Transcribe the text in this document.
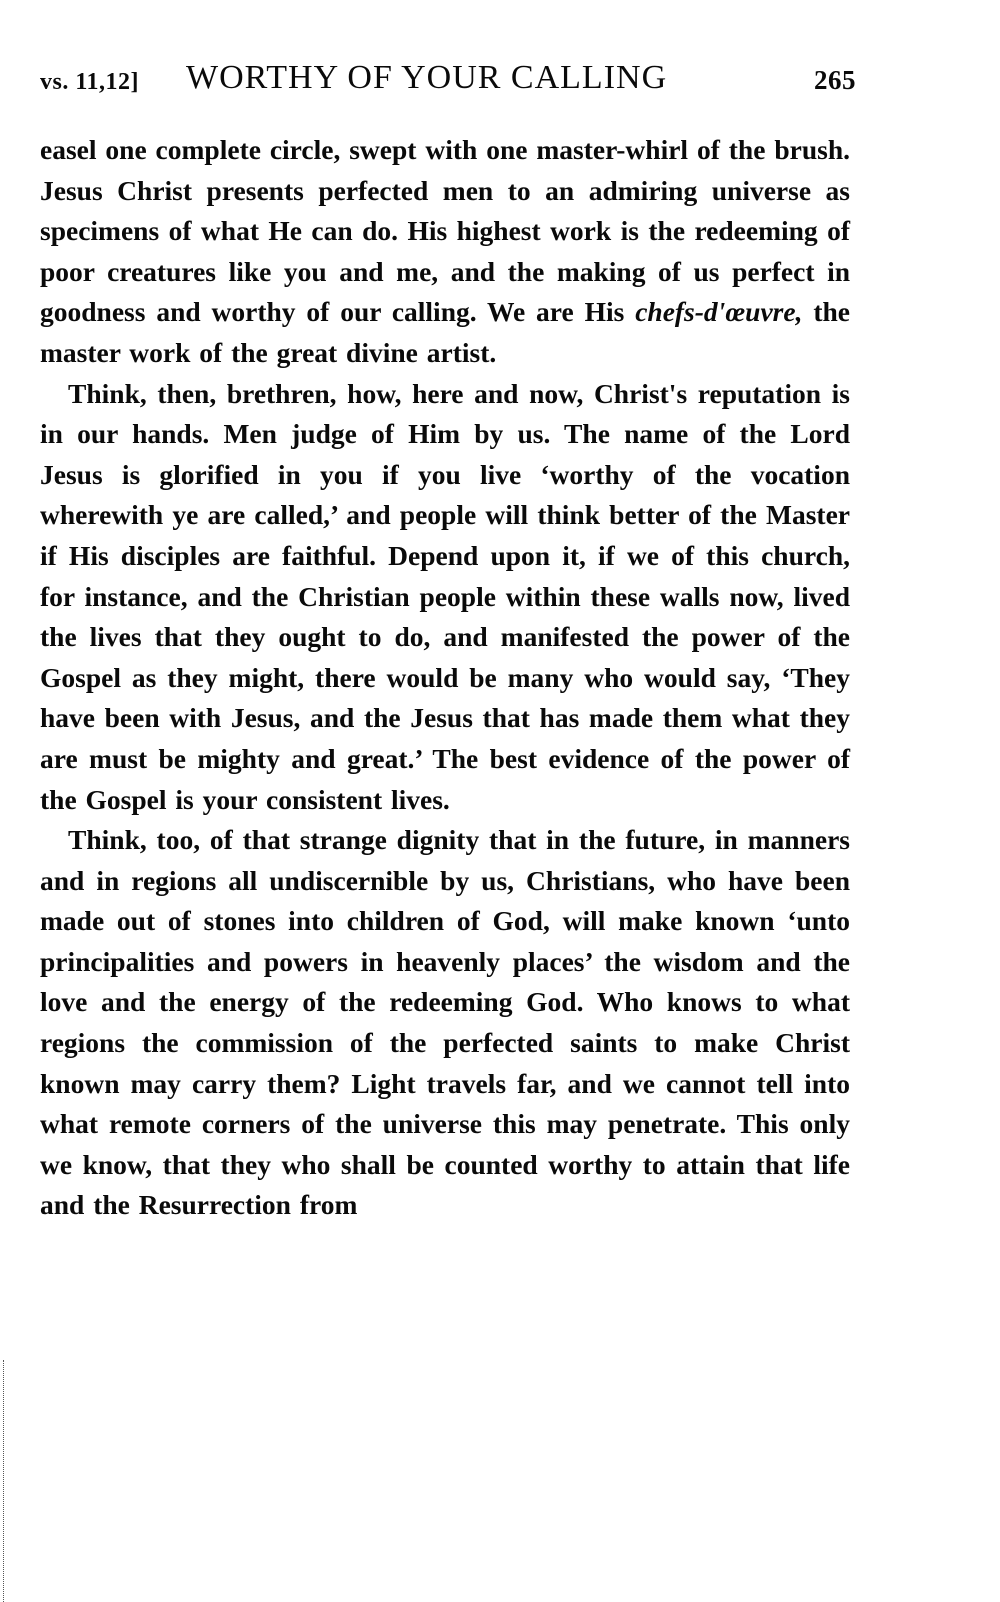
vs. 11,12] WORTHY OF YOUR CALLING	265

easel one complete circle, swept with one master-whirl of the brush. Jesus Christ presents perfected men to an admiring universe as specimens of what He can do. His highest work is the redeeming of poor creatures like you and me, and the making of us perfect in goodness and worthy of our calling. We are His chefs-d'œuvre, the master work of the great divine artist.

Think, then, brethren, how, here and now, Christ's reputation is in our hands. Men judge of Him by us. The name of the Lord Jesus is glorified in you if you live ‘worthy of the vocation wherewith ye are called,’ and people will think better of the Master if His disciples are faithful. Depend upon it, if we of this church, for instance, and the Christian people within these walls now, lived the lives that they ought to do, and manifested the power of the Gospel as they might, there would be many who would say, ‘They have been with Jesus, and the Jesus that has made them what they are must be mighty and great.’ The best evidence of the power of the Gospel is your consistent lives.

Think, too, of that strange dignity that in the future, in manners and in regions all undiscernible by us, Christians, who have been made out of stones into children of God, will make known ‘unto principalities and powers in heavenly places’ the wisdom and the love and the energy of the redeeming God. Who knows to what regions the commission of the perfected saints to make Christ known may carry them? Light travels far, and we cannot tell into what remote corners of the universe this may penetrate. This only we know, that they who shall be counted worthy to attain that life and the Resurrection from
